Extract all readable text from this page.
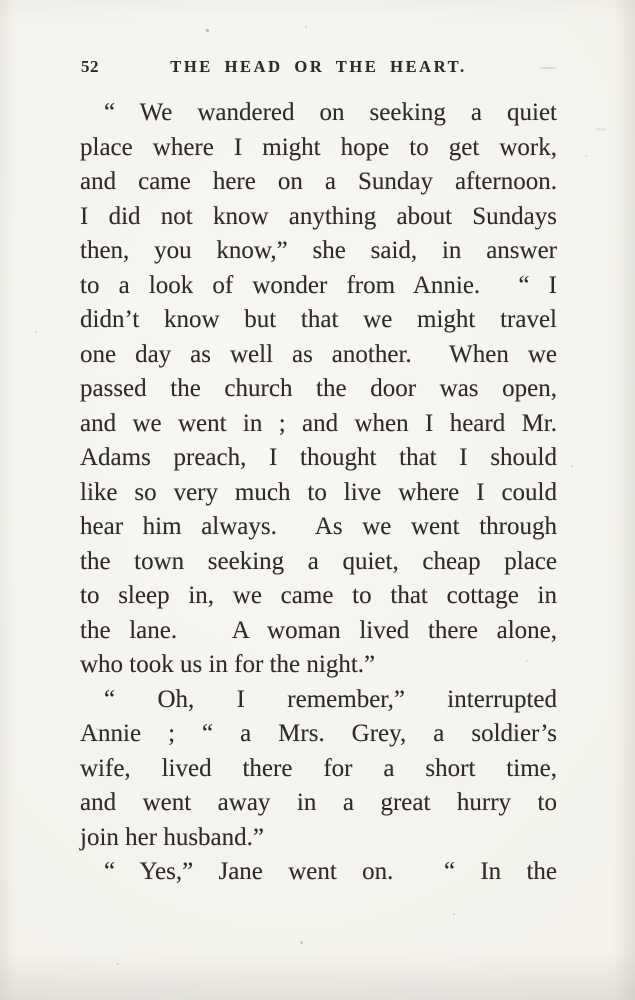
52	THE HEAD OR THE HEART.
“ We wandered on seeking a quiet
place where I might hope to get work,
and came here on a Sunday afternoon.
I did not know anything about Sundays
then, you know,” she said, in answer
to a look of wonder from Annie.  “ I
didn’t know but that we might travel
one day as well as another.  When we
passed the church the door was open,
and we went in ; and when I heard Mr.
Adams preach, I thought that I should
like so very much to live where I could
hear him always.  As we went through
the town seeking a quiet, cheap place
to sleep in, we came to that cottage in
the lane.   A woman lived there alone,
who took us in for the night.”
“ Oh, I remember,” interrupted
Annie ; “ a Mrs. Grey, a soldier’s
wife, lived there for a short time,
and went away in a great hurry to
join her husband.”
“ Yes,” Jane went on.  “ In the
